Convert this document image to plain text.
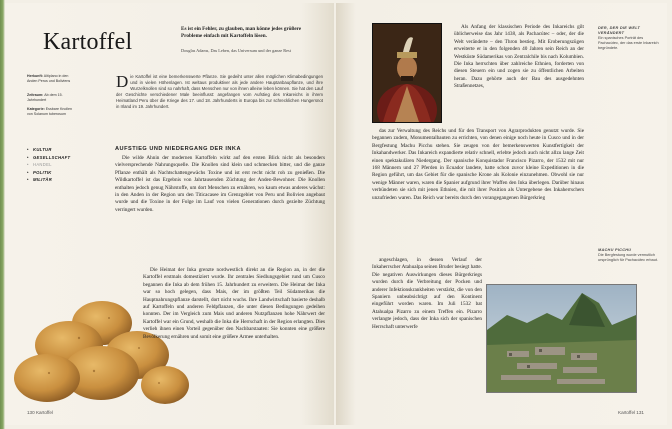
Kartoffel	Es ist ein Fehler, zu glauben, man könne jedes größere Probleme einfach mit Kartoffeln lösen.
Douglas Adams, Das Leben, das Universum und der ganze Rest
Herkunft: Altiplano in den Anden Perus und Boliviens
Zeitraum: Ab dem 15. Jahrhundert
Kategorie: Essbare Knollen von Solanum tuberosum
Die Kartoffel ist eine bemerkenswerte Pflanze. Sie gedeiht unter allen möglichen Klimabedingungen und in vielen Höhenlagen. Ist weltaus produktiver als jede andere Hauptanbaupflanze, und ihre Wurzelknollen sind so nahrhaft, dass Menschen nur von ihnen alleine leben können. Sie hat den Lauf der Geschichte verschiedener Male beeinflusst: angefangen vom Aufstieg des Inkareichs in ihrem Heimatland Peru über die Kriege des 17. und 18. Jahrhunderts in Europa bis zur schrecklichen Hungersnot in Irland im 19. Jahrhundert.
• KULTUR
• GESELLSCHAFT
• HANDEL
• POLITIK
• MILITÄR
AUFSTIEG UND NIEDERGANG DER INKA

Die wilde Ahnin der modernen Kartoffeln wirkt auf den ersten Blick nicht als besonders vielversprechende Nahrungsquelle. Die Knollen sind klein und schmecken bitter, und die ganze Pflanze enthält als Nachtschattengewächs Toxine und ist erst recht nicht roh zu genießen. Die Wildkartoffel ist das Ergebnis von Jahrtausenden Züchtung der Anden-Bewohner. Die Knollen enthalten jedoch genug Nährstoffe, um dort Menschen zu ernähren, wo kaum etwas anderes wächst: in den Anden in der Region um den Titicacasee im Grenzgebiet von Peru und Bolivien angebaut wurde und die Toxine in der Folge im Lauf von vielen Generationen durch gezielte Züchtung verringert wurden.

Die Heimat der Inka grenzte nordwestlich direkt an die Region an, in der die Kartoffel erstmals domestiziert wurde. Ihr zentrales Siedlungsgebiet rund um Cusco begannen die Inka ab dem frühen 15. Jahrhundert zu erweitern. Die Heimat der Inka war so hoch gelegen, dass Mais, der im größten Teil Südamerikas die Hauptnahrungspflanze darstellt, dort nicht wuchs. Ihre Landwirtschaft basierte deshalb auf Kartoffeln und anderen Feldpflanzen, die unter diesen Bedingungen gedeihen konnten. Der im Vergleich zum Mais und anderen Nutzpflanzen hohe Nährwert der Kartoffel war ein Grund, weshalb die Inka die Herrschaft in der Region erlangten. Dies verlieh ihnen einen Vorteil gegenüber den Nachbarstaaten: Sie konnten eine größere Bevölkerung ernähren und somit eine größere Armee unterhalten.

130 Kartoffel

Als Anfang der klassischen Periode des Inkareichs gilt üblicherweise das Jahr 1438, als Pachacútec – oder, der die Welt veränderte – den Thron bestieg. Mit Eroberungszügen erweiterte er in den folgenden 40 Jahren sein Reich an der Westküste Südamerikas von Zentralchile bis nach Kolumbien. Die Inka herrschten über zahlreiche Ethnien, forderten von diesen Steuern ein und zogen sie zu öffentlichen Arbeiten heran. Dazu gehörte auch der Bau des ausgedehnten Straßennetzes,

DER, DER DIE WELT VERÄNDERT
Ein spanisches Porträt des Pachacútec, der das erste Inkareich begründete.

das zur Verwaltung des Reichs und für den Transport von Agrarprodukten genutzt wurde. Sie begannen zudem, Monumentalbauten zu errichten, von denen einige noch heute in Cusco und in der Bergfestung Machu Picchu stehen. Sie zeugen von der bemerkenswerten Kunstfertigkeit der Inkahandwerker. Das Inkareich expandierte relativ schnell, erlebte jedoch auch nicht allzu lange Zeit einen spektakulären Niedergang. Der spanische Konquistador Francisco Pizarro, der 1532 mit nur 168 Männern und 27 Pferden in Ecuador landete, hatte schon zuvor kleine Expeditionen in die Region geführt, um das Gebiet für die spanische Krone als Kolonie einzunehmen. Obwohl sie nur wenige Männer waren, waren die Spanier aufgrund ihrer Waffen den Inka überlegen. Darüber hinaus verbündeten sie sich mit jenen Ethnien, die mit ihrer Position als Untergebene des Inkaherrschers unzufrieden waren. Das Reich war bereits durch den vorangegangenen Bürgerkrieg

MACHU PICCHU
Die Bergfestung wurde vermutlich ursprünglich für Pachacútec erbaut.

angeschlagen, in dessen Verlauf der Inkaherrscher Atahualpa seinen Bruder besiegt hatte. Die negativen Auswirkungen dieses Bürgerkriegs wurden durch die Verbreitung der Pocken und anderer Infektionskrankheiten verstärkt, die von den Spaniern unbeabsichtigt auf den Kontinent eingeführt worden waren. Im Juli 1532 bat Atahualpa Pizarro zu einem Treffen ein. Pizarro verlangte jedoch, dass der Inka sich der spanischen Herrschaft unterwerfe

Kartoffel 131
